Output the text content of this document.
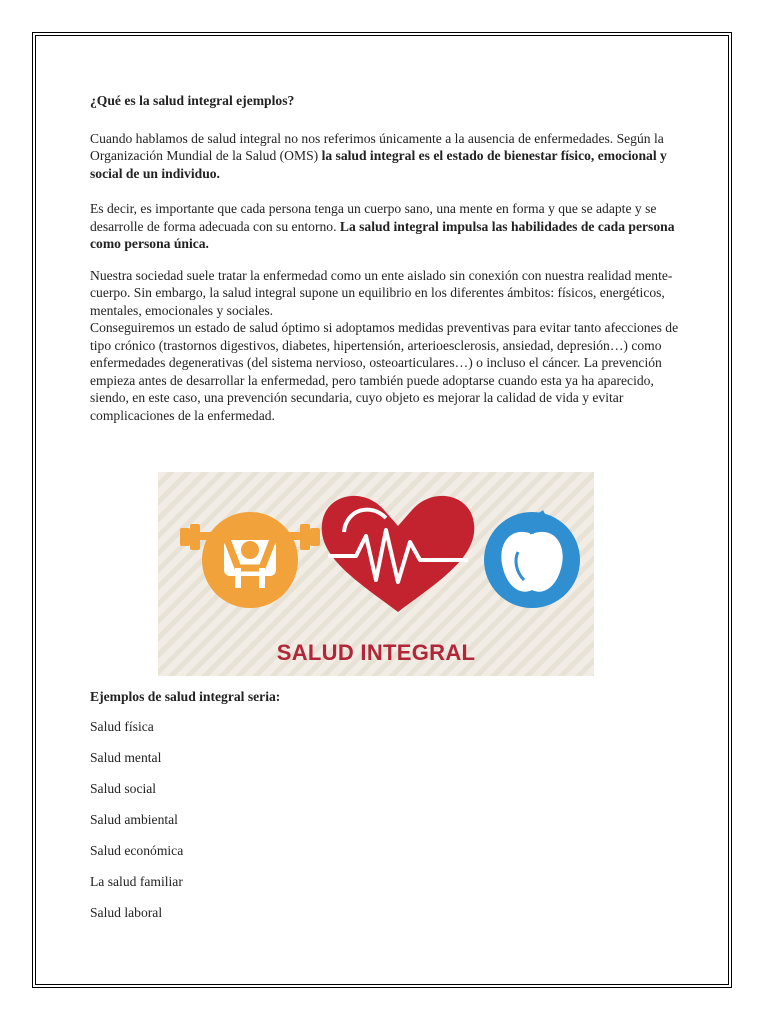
¿Qué es la salud integral ejemplos?

Cuando hablamos de salud integral no nos referimos únicamente a la ausencia de enfermedades. Según la Organización Mundial de la Salud (OMS) la salud integral es el estado de bienestar físico, emocional y social de un individuo.

Es decir, es importante que cada persona tenga un cuerpo sano, una mente en forma y que se adapte y se desarrolle de forma adecuada con su entorno. La salud integral impulsa las habilidades de cada persona como persona única.

Nuestra sociedad suele tratar la enfermedad como un ente aislado sin conexión con nuestra realidad mente-cuerpo. Sin embargo, la salud integral supone un equilibrio en los diferentes ámbitos: físicos, energéticos, mentales, emocionales y sociales.

Conseguiremos un estado de salud óptimo si adoptamos medidas preventivas para evitar tanto afecciones de tipo crónico (trastornos digestivos, diabetes, hipertensión, arterioesclerosis, ansiedad, depresión…) como enfermedades degenerativas (del sistema nervioso, osteoarticulares…) o incluso el cáncer. La prevención empieza antes de desarrollar la enfermedad, pero también puede adoptarse cuando esta ya ha aparecido, siendo, en este caso, una prevención secundaria, cuyo objeto es mejorar la calidad de vida y evitar complicaciones de la enfermedad.

SALUD INTEGRAL

Ejemplos de salud integral seria:

Salud física

Salud mental

Salud social

Salud ambiental

Salud económica

La salud familiar

Salud laboral
